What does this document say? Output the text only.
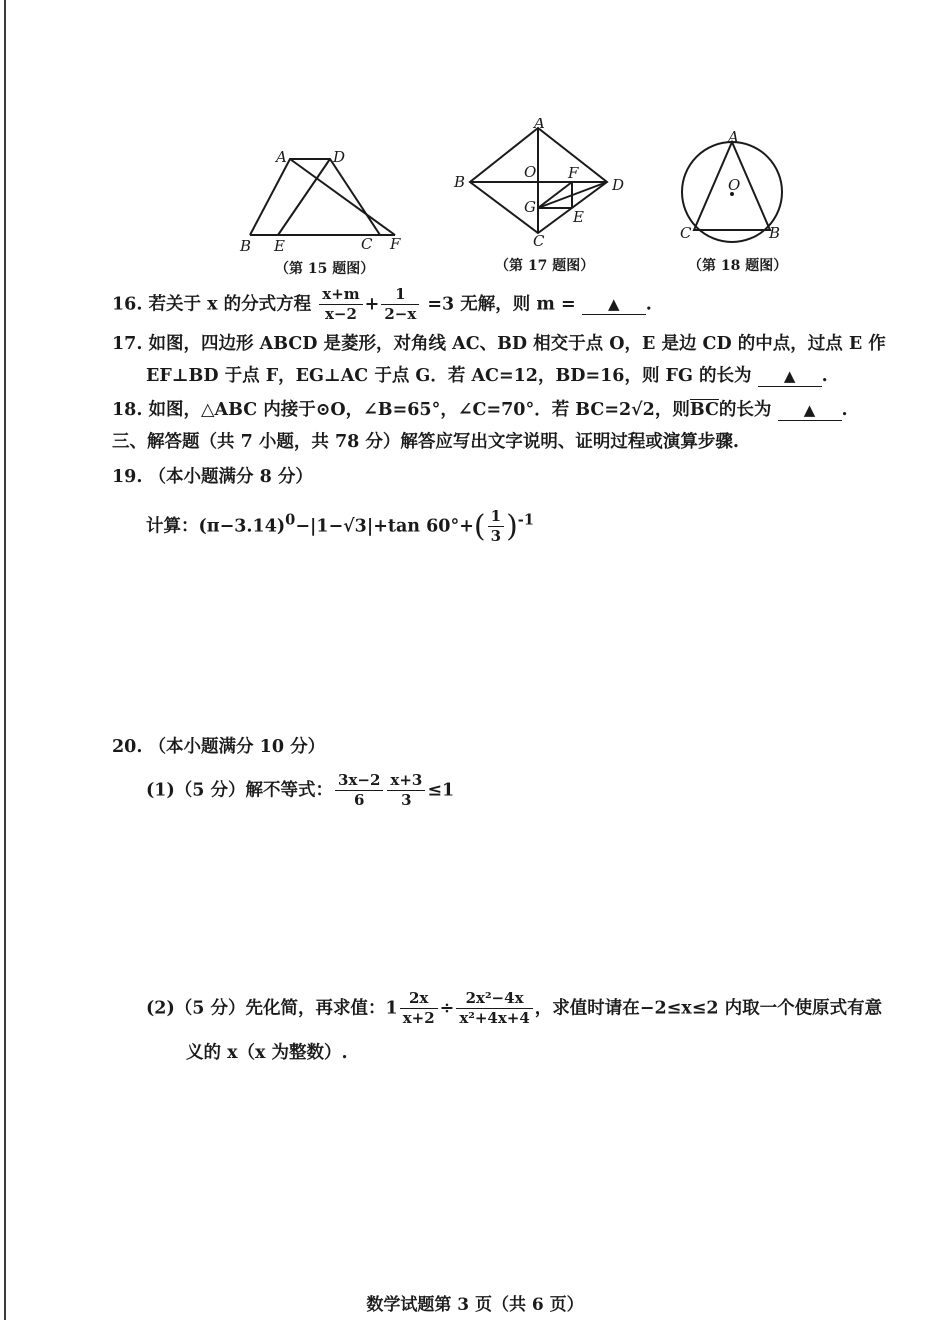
A	D
B E	C F
（第 15 题图）
A
B
O F
D
G
E
C
（第 17 题图）
A
O
C	B
（第 18 题图）
16. 若关于 x 的分式方程 $\frac{x+m}{x-2} + \frac{1}{2-x} =3$ 无解，则 m = ▲ .
17. 如图，四边形 ABCD 是菱形，对角线 AC、BD 相交于点 O，E 是边 CD 的中点，过点 E 作
EF⊥BD 于点 F，EG⊥AC 于点 G．若 AC=12，BD=16，则 FG 的长为 ▲ .
18. 如图，△ABC 内接于⊙O，∠B=65°，∠C=70°．若 BC=2√2，则$\overline{BC}$的长为 ▲ .
三、解答题（共 7 小题，共 78 分）解答应写出文字说明、证明过程或演算步骤.
19. （本小题满分 8 分）
计算：$(\pi-3.14)^0-|1-√3|+\tan$ $60^\circ+( \frac{1}{3} )^{-1}$
20. （本小题满分 10 分）
(1)（5 分）解不等式： $\frac{3x-2}{6} \frac{x+3}{3} \le 1$
(2)（5 分）先化简，再求值：$1 \frac{2x}{x+2} \div \frac{\text{2x²−4x}}{\text{x²+4x+4}}$ ，求值时请在−2≤x≤2 内取一个使原式有意
义的 x（x 为整数）.
数学试题第 3 页（共 6 页）
